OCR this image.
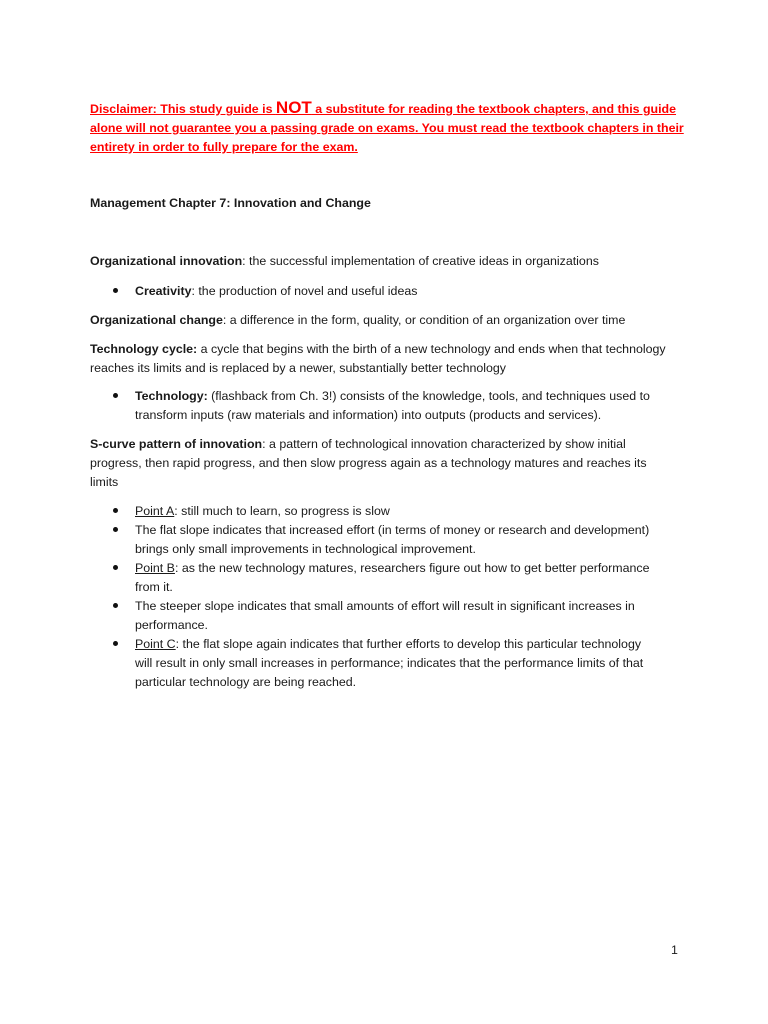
Disclaimer: This study guide is NOT a substitute for reading the textbook chapters, and this guide
alone will not guarantee you a passing grade on exams. You must read the textbook chapters in their
entirety in order to fully prepare for the exam.
Management Chapter 7: Innovation and Change
Organizational innovation: the successful implementation of creative ideas in organizations
Creativity: the production of novel and useful ideas
Organizational change: a difference in the form, quality, or condition of an organization over time
Technology cycle: a cycle that begins with the birth of a new technology and ends when that technology
reaches its limits and is replaced by a newer, substantially better technology
Technology: (flashback from Ch. 3!) consists of the knowledge, tools, and techniques used to
transform inputs (raw materials and information) into outputs (products and services).
S-curve pattern of innovation: a pattern of technological innovation characterized by show initial
progress, then rapid progress, and then slow progress again as a technology matures and reaches its
limits
Point A: still much to learn, so progress is slow
The flat slope indicates that increased effort (in terms of money or research and development)
brings only small improvements in technological improvement.
Point B: as the new technology matures, researchers figure out how to get better performance
from it.
The steeper slope indicates that small amounts of effort will result in significant increases in
performance.
Point C: the flat slope again indicates that further efforts to develop this particular technology
will result in only small increases in performance; indicates that the performance limits of that
particular technology are being reached.
1
